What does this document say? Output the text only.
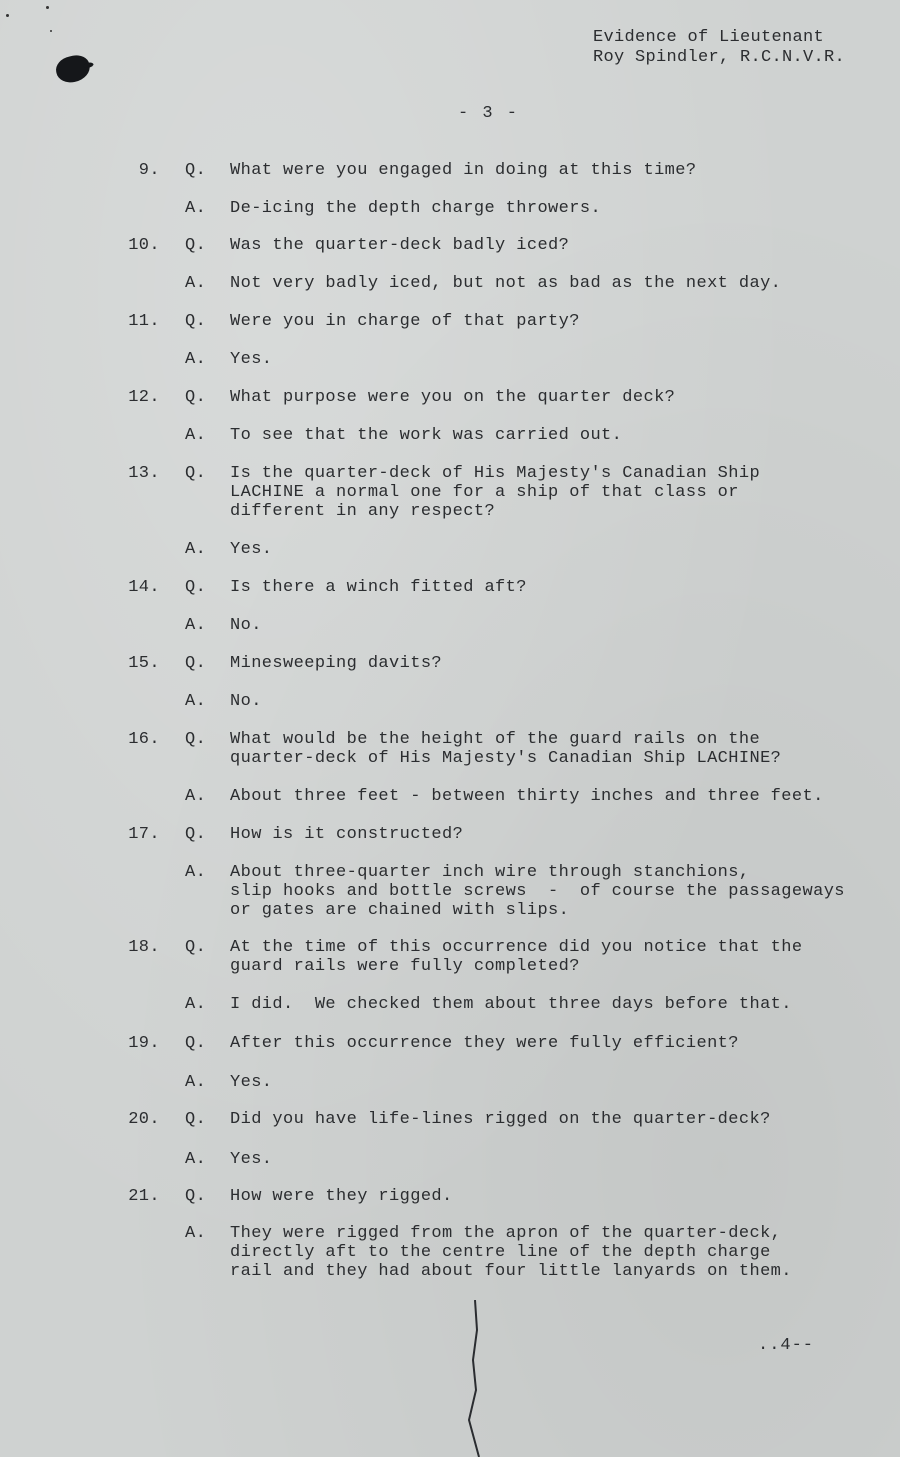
Evidence of Lieutenant
Roy Spindler, R.C.N.V.R.
- 3 -
9. Q. What were you engaged in doing at this time?
A. De-icing the depth charge throwers.
10. Q. Was the quarter-deck badly iced?
A. Not very badly iced, but not as bad as the next day.
11. Q. Were you in charge of that party?
A. Yes.
12. Q. What purpose were you on the quarter deck?
A. To see that the work was carried out.
13. Q. Is the quarter-deck of His Majesty's Canadian Ship
LACHINE a normal one for a ship of that class or
different in any respect?
A. Yes.
14. Q. Is there a winch fitted aft?
A. No.
15. Q. Minesweeping davits?
A. No.
16. Q. What would be the height of the guard rails on the
quarter-deck of His Majesty's Canadian Ship LACHINE?
A. About three feet - between thirty inches and three feet.
17. Q. How is it constructed?
A. About three-quarter inch wire through stanchions,
slip hooks and bottle screws  -  of course the passageways
or gates are chained with slips.
18. Q. At the time of this occurrence did you notice that the
guard rails were fully completed?
A. I did.  We checked them about three days before that.
19. Q. After this occurrence they were fully efficient?
A. Yes.
20. Q. Did you have life-lines rigged on the quarter-deck?
A. Yes.
21. Q. How were they rigged.
A. They were rigged from the apron of the quarter-deck,
directly aft to the centre line of the depth charge
rail and they had about four little lanyards on them.
..4--
